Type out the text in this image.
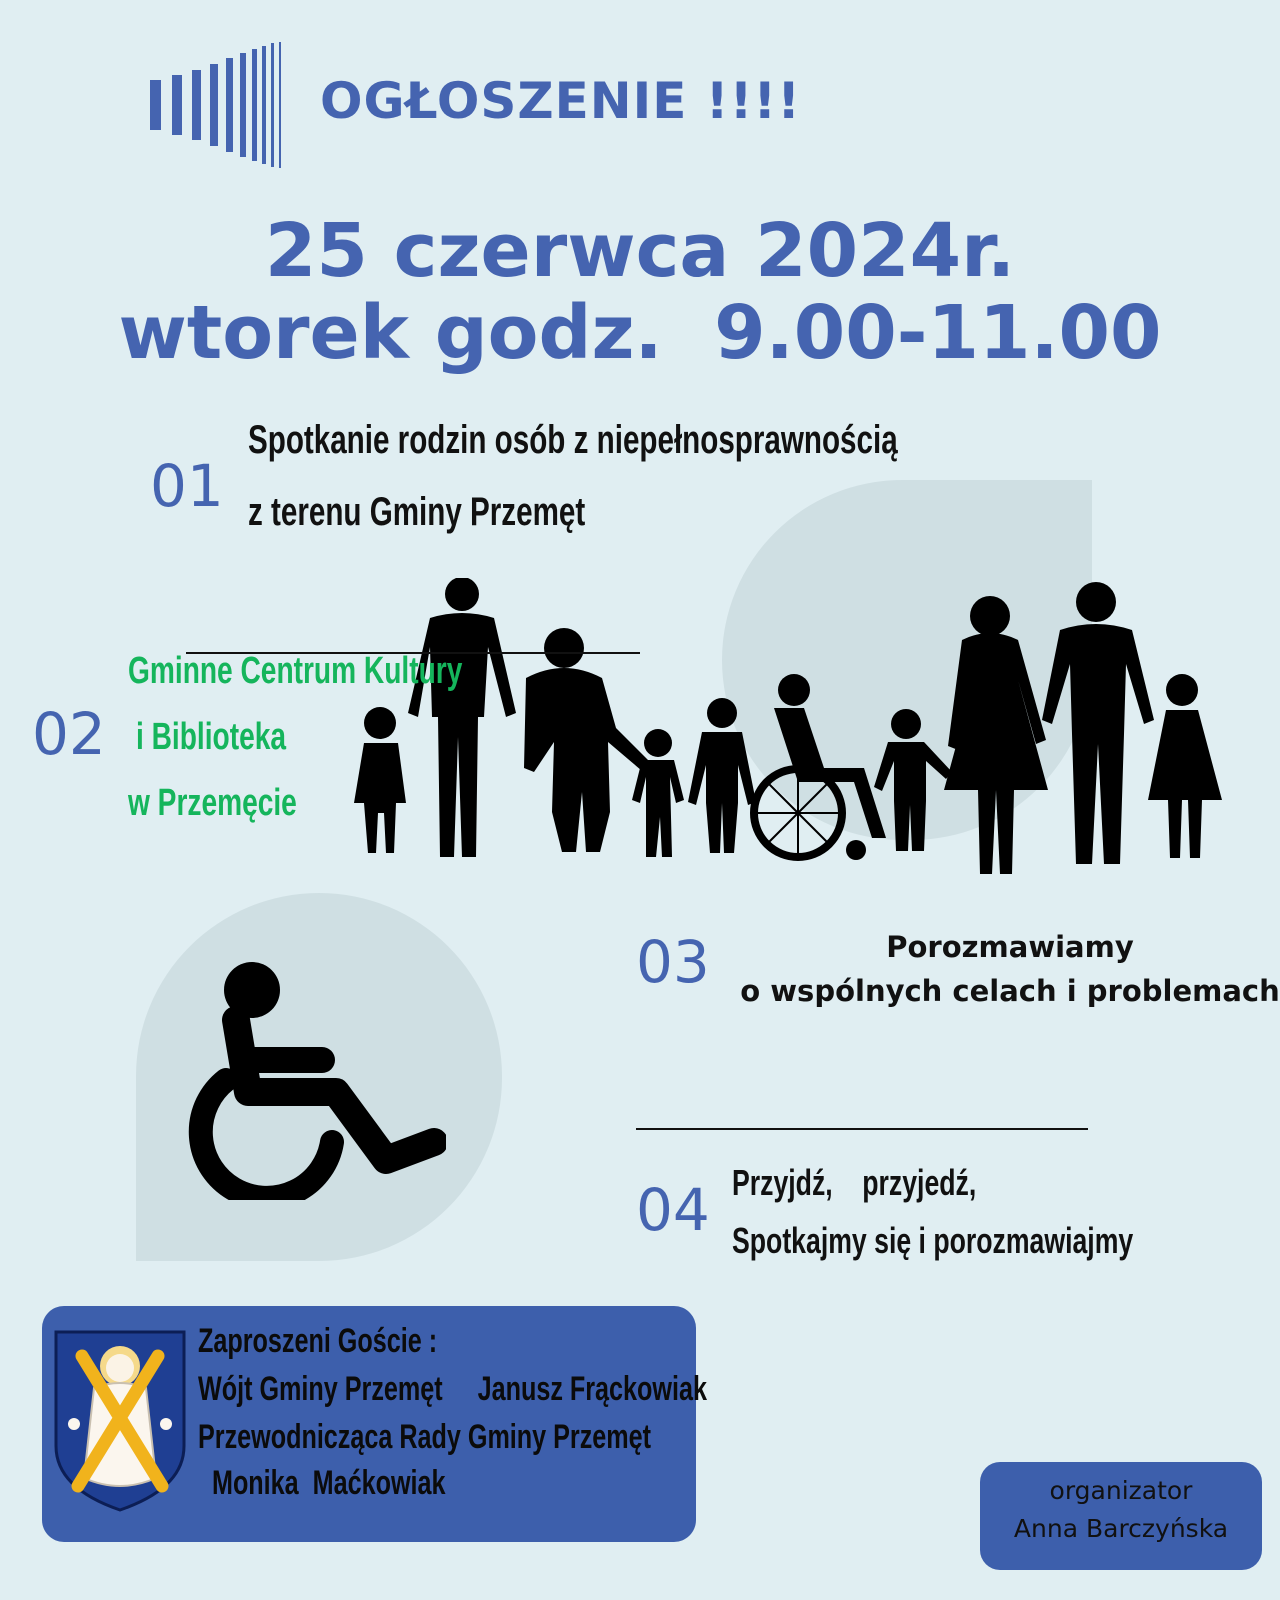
OGŁOSZENIE !!!!
25 czerwca 2024r.
wtorek godz.  9.00-11.00
01
Spotkanie rodzin osób z niepełnosprawnością
z terenu Gminy Przemęt
02
Gminne Centrum Kultury
i Biblioteka
w Przemęcie
03	Porozmawiamy
o wspólnych celach i problemach
04 Przyjdź,    przyjedź,
Spotkajmy się i porozmawiajmy
Zaproszeni Goście :
Wójt Gminy Przemęt     Janusz Frąckowiak
Przewodnicząca Rady Gminy Przemęt
Monika  Maćkowiak	organizator
Anna Barczyńska
